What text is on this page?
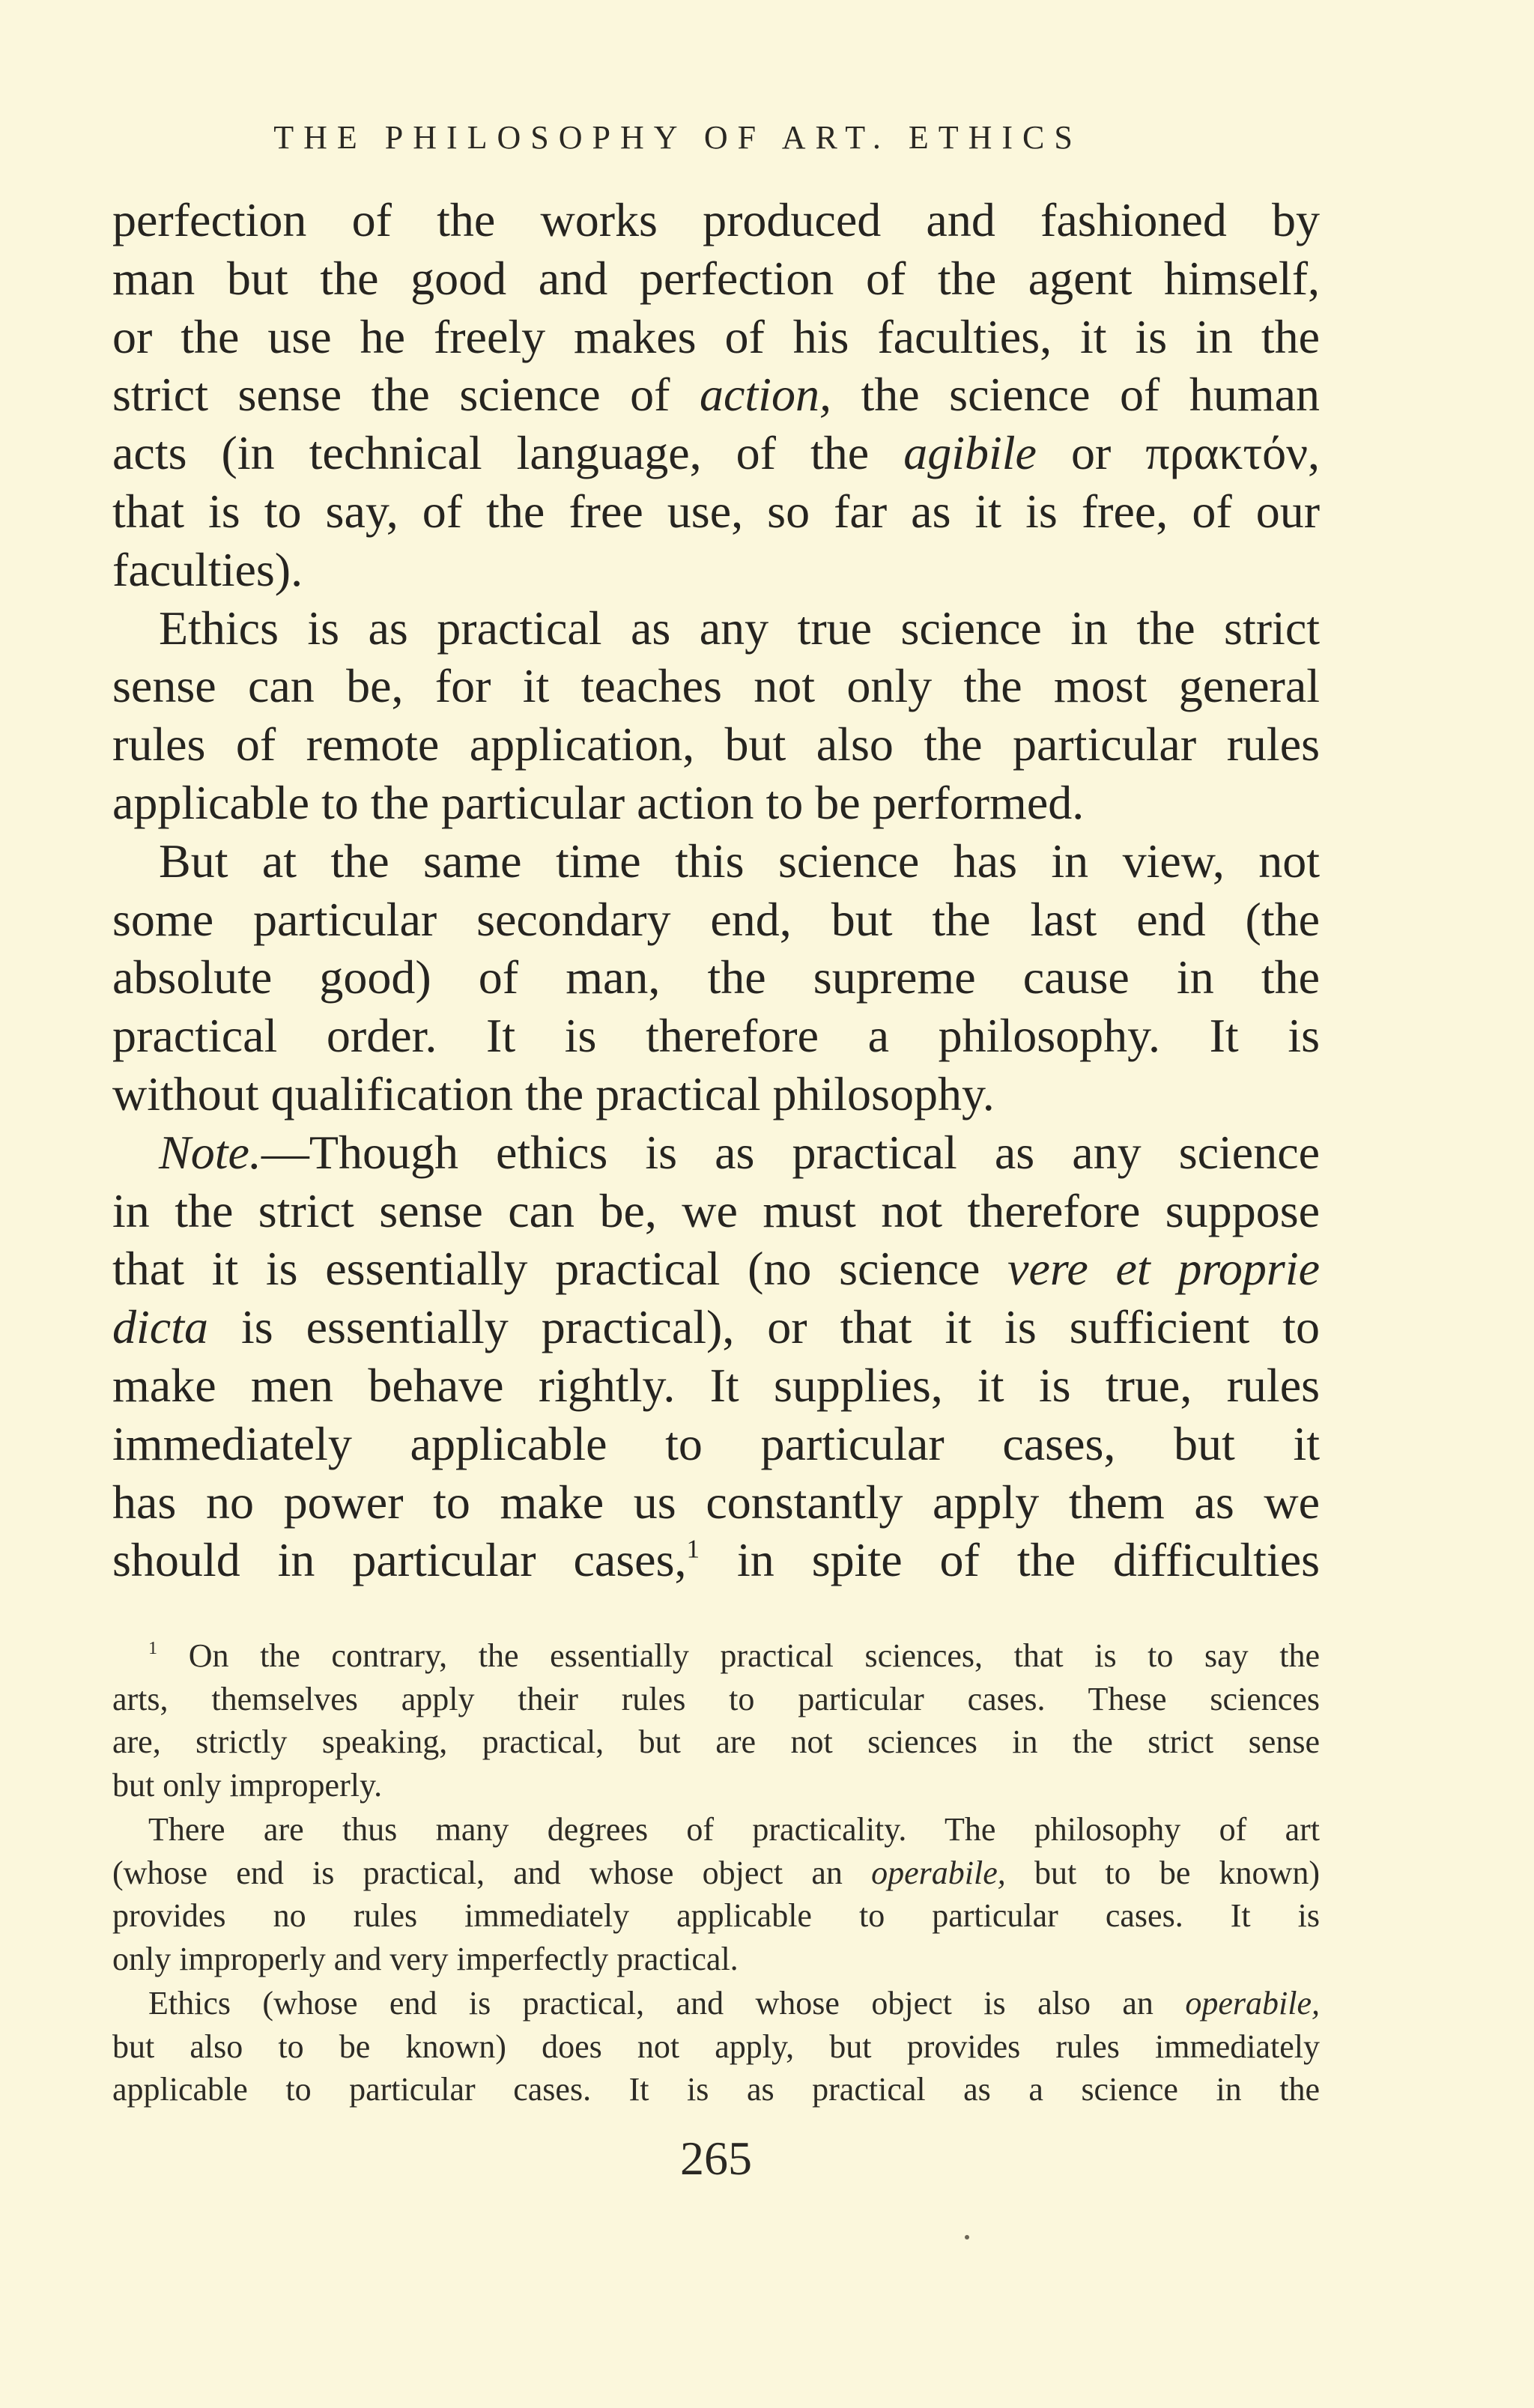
THE PHILOSOPHY OF ART. ETHICS

perfection of the works produced and fashioned by
man but the good and perfection of the agent himself,
or the use he freely makes of his faculties, it is in the
strict sense the science of action, the science of human
acts (in technical language, of the agibile or πρακτόν,
that is to say, of the free use, so far as it is free, of our
faculties).

Ethics is as practical as any true science in the strict
sense can be, for it teaches not only the most general
rules of remote application, but also the particular rules
applicable to the particular action to be performed.

But at the same time this science has in view, not
some particular secondary end, but the last end (the
absolute good) of man, the supreme cause in the
practical order. It is therefore a philosophy. It is
without qualification the practical philosophy.

Note.—Though ethics is as practical as any science
in the strict sense can be, we must not therefore suppose
that it is essentially practical (no science vere et proprie
dicta is essentially practical), or that it is sufficient to
make men behave rightly. It supplies, it is true, rules
immediately applicable to particular cases, but it
has no power to make us constantly apply them as we
should in particular cases,$^1$ in spite of the difficulties

$^1$ On the contrary, the essentially practical sciences, that is to say the
arts, themselves apply their rules to particular cases. These sciences
are, strictly speaking, practical, but are not sciences in the strict sense
but only improperly.
There are thus many degrees of practicality. The philosophy of art
(whose end is practical, and whose object an operabile, but to be known)
provides no rules immediately applicable to particular cases. It is
only improperly and very imperfectly practical.
Ethics (whose end is practical, and whose object is also an operabile,
but also to be known) does not apply, but provides rules immediately
applicable to particular cases. It is as practical as a science in the
265
